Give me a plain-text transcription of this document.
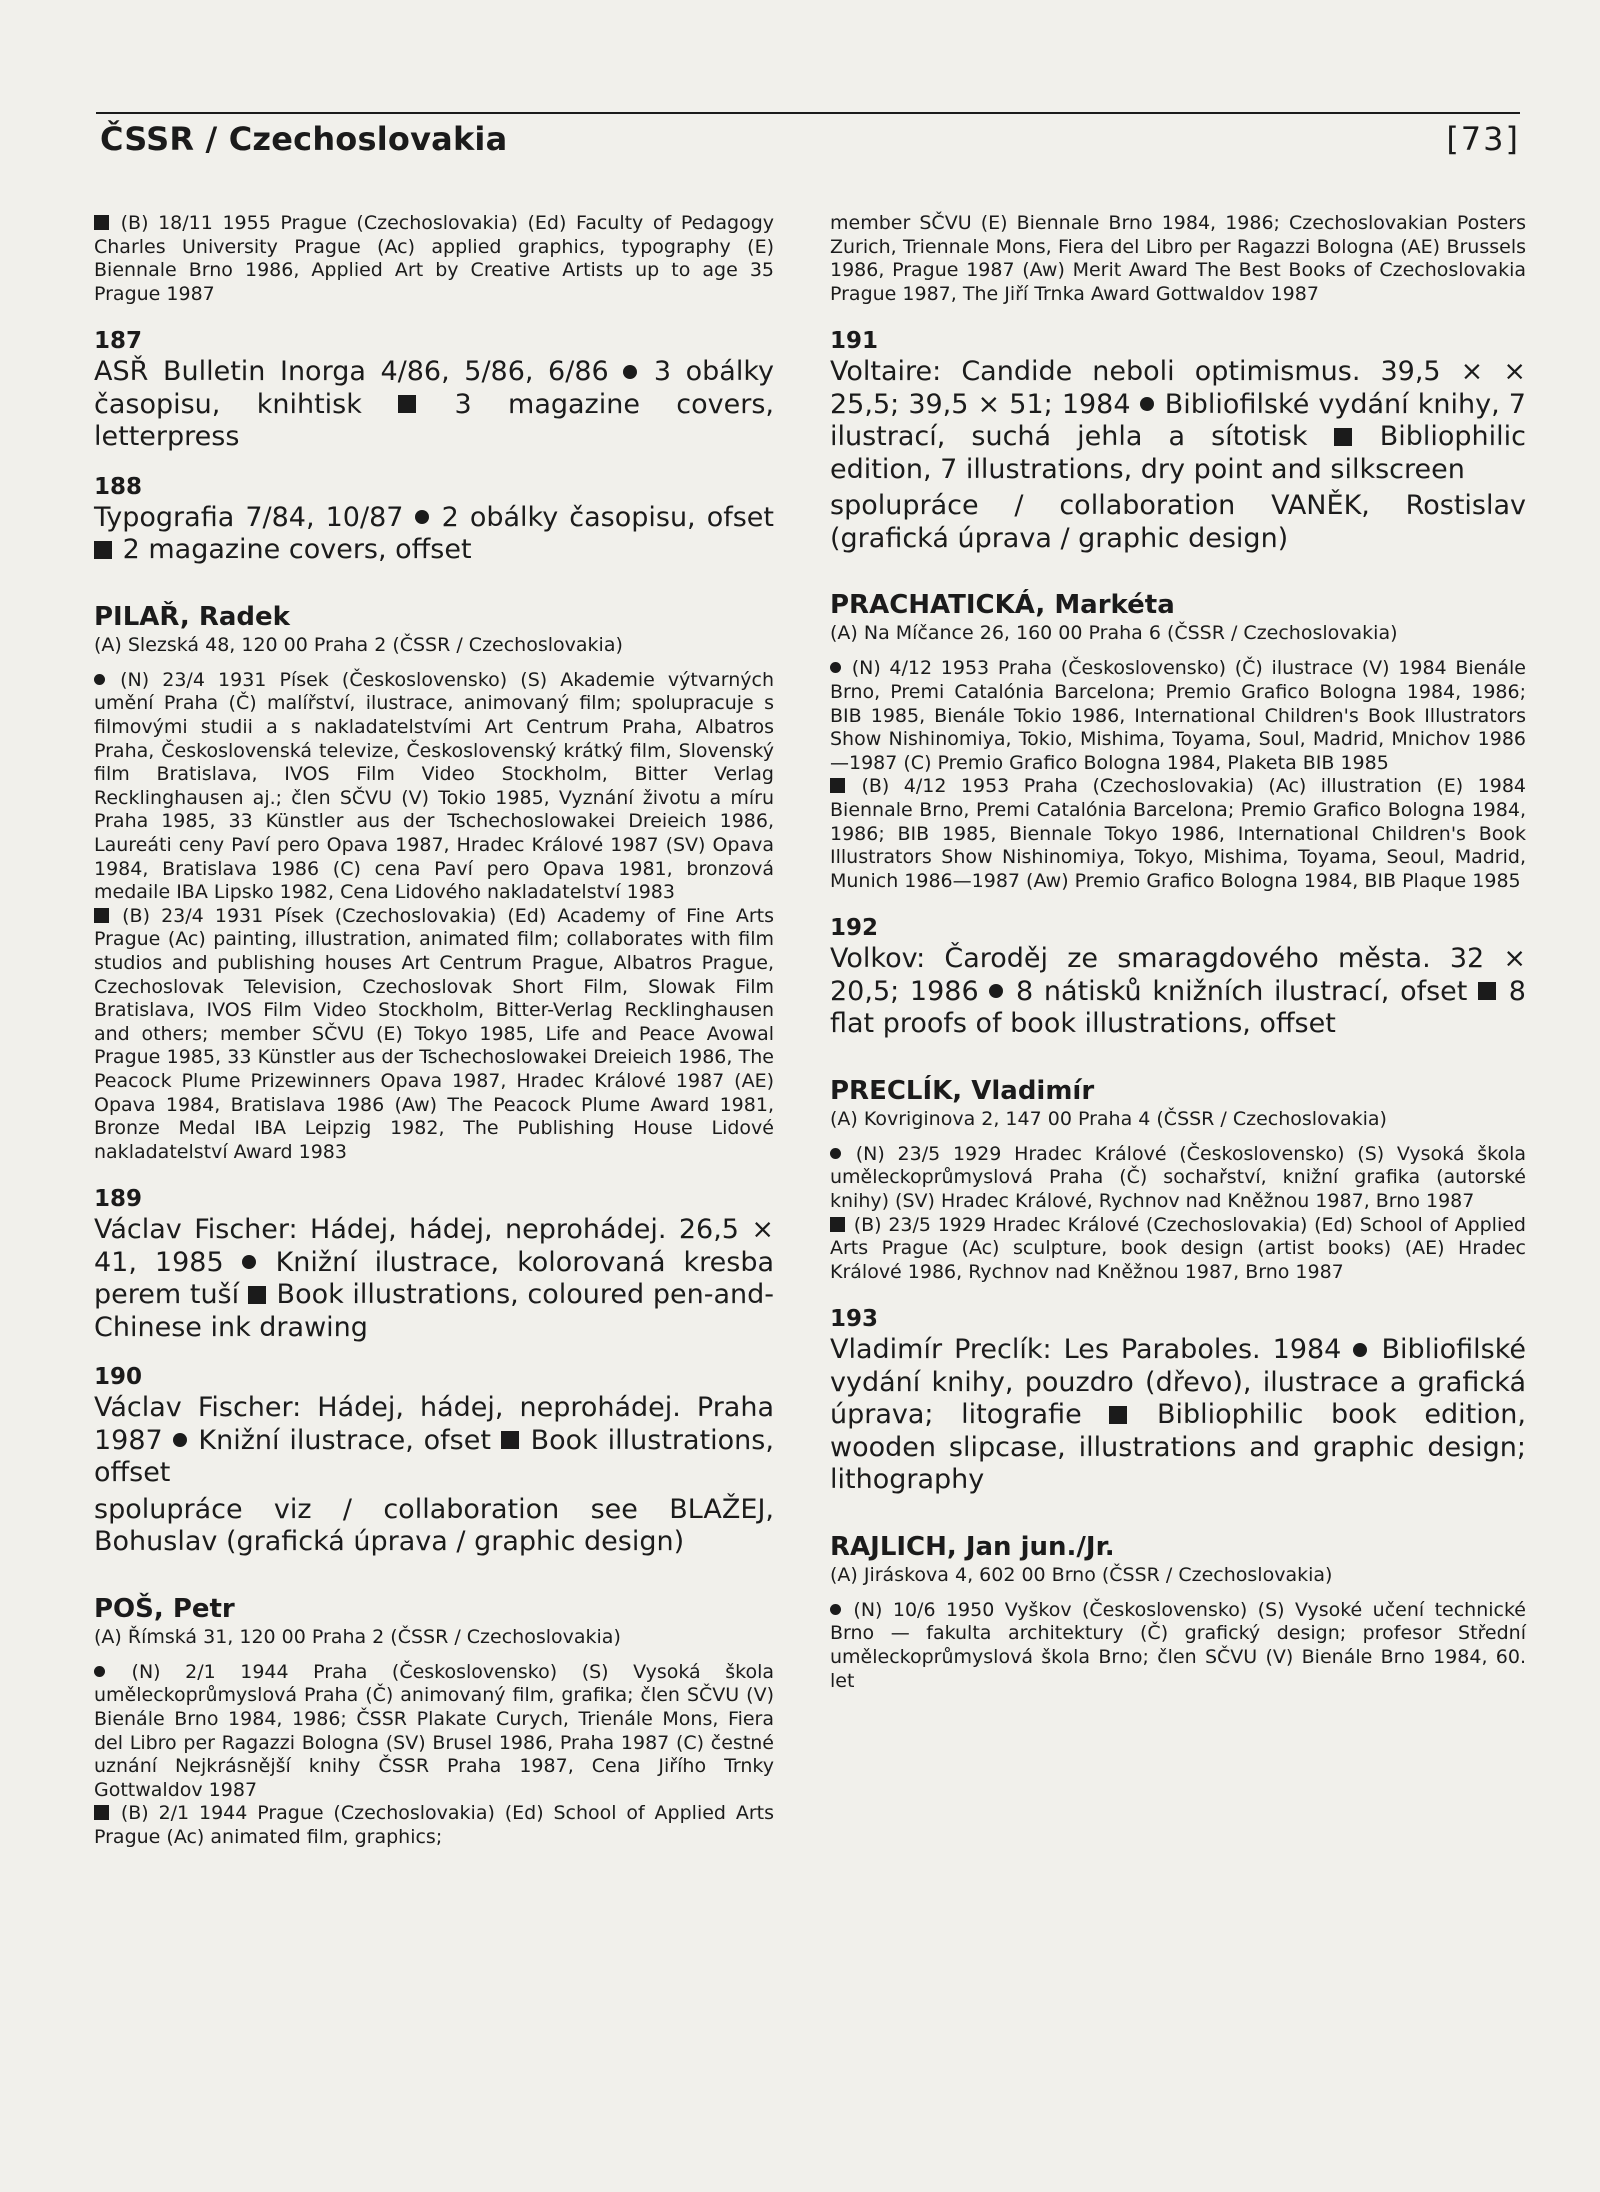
ČSSR / Czechoslovakia	[73]

(B) 18/11 1955 Prague (Czechoslovakia) (Ed) Faculty of Pedagogy Charles University Prague (Ac) applied graphics, typography (E) Biennale Brno 1986, Applied Art by Creative Artists up to age 35 Prague 1987

187

ASŘ Bulletin Inorga 4/86, 5/86, 6/86 3 obálky časopisu, knihtisk	3 magazine covers, letterpress

188

Typografia 7/84, 10/87 2 obálky časopisu, ofset  2 magazine covers, offset

PILAŘ, Radek

(A) Slezská 48, 120 00 Praha 2 (ČSSR / Czechoslovakia)

(N) 23/4 1931 Písek (Československo) (S) Akademie výtvarných umění Praha (Č) malířství, ilustrace, animovaný film; spolupracuje s filmovými studii a s nakladatelstvími Art Centrum Praha, Albatros Praha, Československá televize, Československý krátký film, Slovenský film Bratislava, IVOS Film Video Stockholm, Bitter Verlag Recklinghausen aj.; člen SČVU (V) Tokio 1985, Vyznání životu a míru Praha 1985, 33 Künstler aus der Tschechoslowakei Dreieich 1986, Laureáti ceny Paví pero Opava 1987, Hradec Králové 1987 (SV) Opava 1984, Bratislava 1986 (C) cena Paví pero Opava 1981, bronzová medaile IBA Lipsko 1982, Cena Lidového nakladatelství 1983

(B) 23/4 1931 Písek (Czechoslovakia) (Ed) Academy of Fine Arts Prague (Ac) painting, illustration, animated film; collaborates with film studios and publishing houses Art Centrum Prague, Albatros Prague, Czechoslovak Television, Czechoslovak Short Film, Slowak Film Bratislava, IVOS Film Video Stockholm, Bitter-Verlag Recklinghausen and others; member SČVU (E) Tokyo 1985, Life and Peace Avowal Prague 1985, 33 Künstler aus der Tschechoslowakei Dreieich 1986, The Peacock Plume Prizewinners Opava 1987, Hradec Králové 1987 (AE) Opava 1984, Bratislava 1986 (Aw) The Peacock Plume Award 1981, Bronze Medal IBA Leipzig 1982, The Publishing House Lidové nakladatelství Award 1983

189

Václav Fischer: Hádej, hádej, neprohádej. 26,5 × 41, 1985 Knižní ilustrace, kolorovaná kresba perem tuší Book illustrations, coloured pen-and-Chinese ink drawing

190

Václav Fischer: Hádej, hádej, neprohádej. Praha 1987 Knižní ilustrace, ofset Book illustrations, offset

spolupráce viz / collaboration see BLAŽEJ, Bohuslav (grafická úprava / graphic design)

POŠ, Petr

(A) Římská 31, 120 00 Praha 2 (ČSSR / Czechoslovakia)

(N) 2/1 1944 Praha (Československo) (S) Vysoká škola uměleckoprůmyslová Praha (Č) animovaný film, grafika; člen SČVU (V) Bienále Brno 1984, 1986; ČSSR Plakate Curych, Trienále Mons, Fiera del Libro per Ragazzi Bologna (SV) Brusel 1986, Praha 1987 (C) čestné uznání Nejkrásnější knihy ČSSR Praha 1987, Cena Jiřího Trnky Gottwaldov 1987

(B) 2/1 1944 Prague (Czechoslovakia) (Ed) School of Applied Arts Prague (Ac) animated film, graphics;

member SČVU (E) Biennale Brno 1984, 1986; Czechoslovakian Posters Zurich, Triennale Mons, Fiera del Libro per Ragazzi Bologna (AE) Brussels 1986, Prague 1987 (Aw) Merit Award The Best Books of Czechoslovakia Prague 1987, The Jiří Trnka Award Gottwaldov 1987

191

Voltaire: Candide neboli optimismus. 39,5 × × 25,5; 39,5 × 51; 1984 Bibliofilské vydání knihy, 7 ilustrací, suchá jehla a sítotisk	Bibliophilic edition, 7 illustrations, dry point and silkscreen

spolupráce / collaboration VANĚK, Rostislav (grafická úprava / graphic design)

PRACHATICKÁ, Markéta

(A) Na Míčance 26, 160 00 Praha 6 (ČSSR / Czechoslovakia)

(N) 4/12 1953 Praha (Československo) (Č) ilustrace (V) 1984 Bienále Brno, Premi Catalónia Barcelona; Premio Grafico Bologna 1984, 1986; BIB 1985, Bienále Tokio 1986, International Children's Book Illustrators Show Nishinomiya, Tokio, Mishima, Toyama, Soul, Madrid, Mnichov 1986—1987 (C) Premio Grafico Bologna 1984, Plaketa BIB 1985

(B) 4/12 1953 Praha (Czechoslovakia) (Ac) illustration (E) 1984 Biennale Brno, Premi Catalónia Barcelona; Premio Grafico Bologna 1984, 1986; BIB 1985, Biennale Tokyo 1986, International Children's Book Illustrators Show Nishinomiya, Tokyo, Mishima, Toyama, Seoul, Madrid, Munich 1986—1987 (Aw) Premio Grafico Bologna 1984, BIB Plaque 1985

192

Volkov: Čaroděj ze smaragdového města. 32 × 20,5; 1986 8 nátisků knižních ilustrací, ofset 8 flat proofs of book illustrations, offset

PRECLÍK, Vladimír

(A) Kovriginova 2, 147 00 Praha 4 (ČSSR / Czechoslovakia)

(N) 23/5 1929 Hradec Králové (Československo) (S) Vysoká škola uměleckoprůmyslová Praha (Č) sochařství, knižní grafika (autorské knihy) (SV) Hradec Králové, Rychnov nad Kněžnou 1987, Brno 1987

(B) 23/5 1929 Hradec Králové (Czechoslovakia) (Ed) School of Applied Arts Prague (Ac) sculpture, book design (artist books) (AE) Hradec Králové 1986, Rychnov nad Kněžnou 1987, Brno 1987

193

Vladimír Preclík: Les Paraboles. 1984 Bibliofilské vydání knihy, pouzdro (dřevo), ilustrace a grafická úprava; litografie	Bibliophilic book edition, wooden slipcase, illustrations and graphic design; lithography

RAJLICH, Jan jun./Jr.

(A) Jiráskova 4, 602 00 Brno (ČSSR / Czechoslovakia)

(N) 10/6 1950 Vyškov (Československo) (S) Vysoké učení technické Brno — fakulta architektury (Č) grafický design; profesor Střední uměleckoprůmyslová škola Brno; člen SČVU (V) Bienále Brno 1984, 60. let
